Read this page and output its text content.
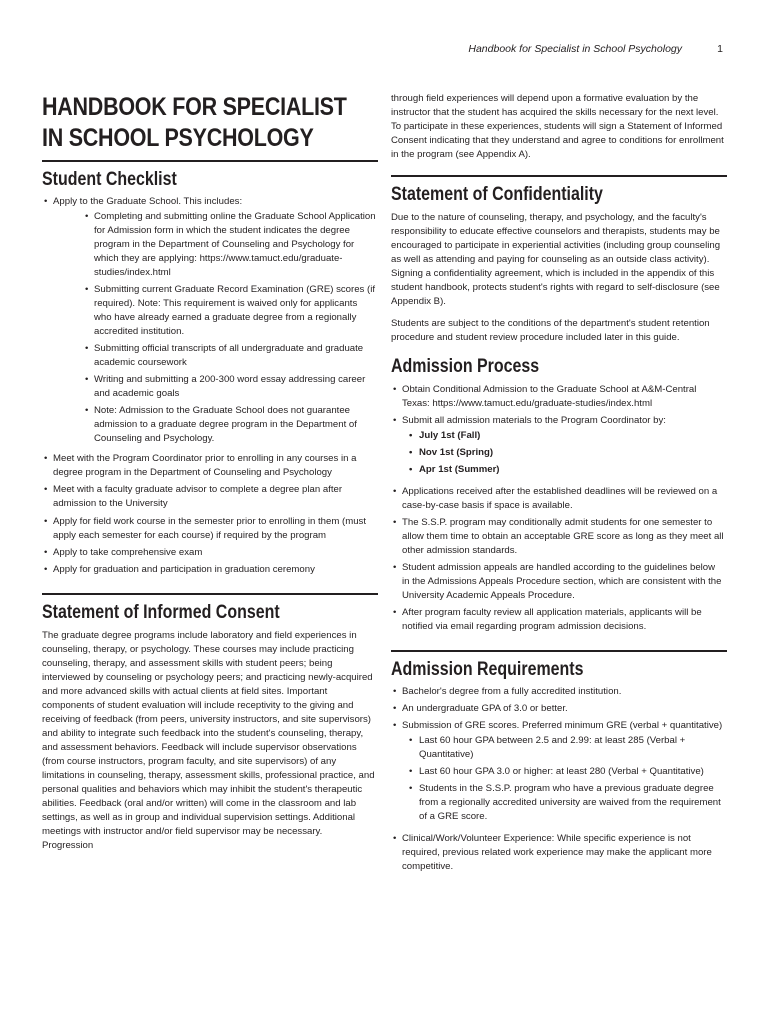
Handbook for Specialist in School Psychology	1
HANDBOOK FOR SPECIALIST
IN SCHOOL PSYCHOLOGY
Student Checklist
• Apply to the Graduate School. This includes:
• Completing and submitting online the Graduate School Application for Admission form in which the student indicates the degree program in the Department of Counseling and Psychology for which they are applying: https://www.tamuct.edu/graduate-studies/index.html
• Submitting current Graduate Record Examination (GRE) scores (if required). Note: This requirement is waived only for applicants who have already earned a graduate degree from a regionally accredited institution.
• Submitting official transcripts of all undergraduate and graduate academic coursework
• Writing and submitting a 200-300 word essay addressing career and academic goals
• Note: Admission to the Graduate School does not guarantee admission to a graduate degree program in the Department of Counseling and Psychology.
• Meet with the Program Coordinator prior to enrolling in any courses in a degree program in the Department of Counseling and Psychology
• Meet with a faculty graduate advisor to complete a degree plan after admission to the University
• Apply for field work course in the semester prior to enrolling in them (must apply each semester for each course) if required by the program
• Apply to take comprehensive exam
• Apply for graduation and participation in graduation ceremony
Statement of Informed Consent

The graduate degree programs include laboratory and field experiences in counseling, therapy, or psychology. These courses may include practicing counseling, therapy, and assessment skills with student peers; being interviewed by counseling or psychology peers; and practicing newly-acquired and more advanced skills with actual clients at field sites. Important components of student evaluation will include receptivity to the giving and receiving of feedback (from peers, university instructors, and site supervisors) and ability to integrate such feedback into the student's counseling, therapy, and assessment behaviors. Feedback will include supervisor observations (from course instructors, program faculty, and site supervisors) of any limitations in counseling, therapy, assessment skills, professional practice, and personal qualities and behaviors which may inhibit the student's therapeutic abilities. Feedback (oral and/or written) will come in the classroom and lab settings, as well as in group and individual supervision settings. Additional meetings with instructor and/or field supervisor may be necessary. Progression

through field experiences will depend upon a formative evaluation by the instructor that the student has acquired the skills necessary for the next level. To participate in these experiences, students will sign a Statement of Informed Consent indicating that they understand and agree to conditions for enrollment in the program (see Appendix A).

Statement of Confidentiality

Due to the nature of counseling, therapy, and psychology, and the faculty's responsibility to educate effective counselors and therapists, students may be encouraged to participate in experiential activities (including group counseling as well as attending and paying for counseling as an outside class activity). Signing a confidentiality agreement, which is included in the appendix of this student handbook, protects student's rights with regard to self-disclosure (see Appendix B).

Students are subject to the conditions of the department's student retention procedure and student review procedure included later in this guide.

Admission Process
• Obtain Conditional Admission to the Graduate School at A&M-Central Texas: https://www.tamuct.edu/graduate-studies/index.html
• Submit all admission materials to the Program Coordinator by:
• July 1st (Fall)
• Nov 1st (Spring)
• Apr 1st (Summer)
• Applications received after the established deadlines will be reviewed on a case-by-case basis if space is available.
• The S.S.P. program may conditionally admit students for one semester to allow them time to obtain an acceptable GRE score as long as they meet all other admission standards.
• Student admission appeals are handled according to the guidelines below in the Admissions Appeals Procedure section, which are consistent with the University Academic Appeals Procedure.
• After program faculty review all application materials, applicants will be notified via email regarding program admission decisions.
Admission Requirements
• Bachelor's degree from a fully accredited institution.
• An undergraduate GPA of 3.0 or better.
• Submission of GRE scores. Preferred minimum GRE (verbal + quantitative)
• Last 60 hour GPA between 2.5 and 2.99: at least 285 (Verbal + Quantitative)
• Last 60 hour GPA 3.0 or higher: at least 280 (Verbal + Quantitative)
• Students in the S.S.P. program who have a previous graduate degree from a regionally accredited university are waived from the requirement of a GRE score.
• Clinical/Work/Volunteer Experience: While specific experience is not required, previous related work experience may make the applicant more competitive.
